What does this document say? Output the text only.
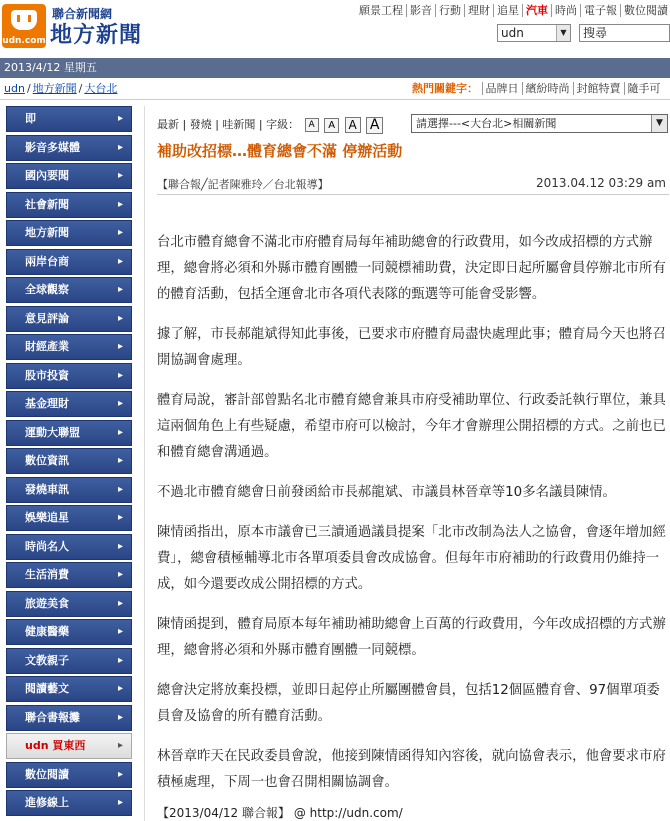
udn.com
聯合新聞網
地方新聞
願景工程 影音 行動 理財 追星 汽車 時尚 電子報 數位閱讀
udn	▼	搜尋
2013/4/12 星期五
udn / 地方新聞 / 大台北	熱門關鍵字： 品牌日 繽紛時尚 封館特賣 隨手可
即	▸
影音多媒體	▸
國內要聞	▸
社會新聞	▸
地方新聞	▸
兩岸台商	▸
全球觀察	▸
意見評論	▸
財經產業	▸
股市投資	▸
基金理財	▸
運動大聯盟	▸
數位資訊	▸
發燒車訊	▸
娛樂追星	▸
時尚名人	▸
生活消費	▸
旅遊美食	▸
健康醫藥	▸
文教親子	▸
閱讀藝文	▸
聯合書報攤	▸
udn 買東西	▸
數位閱讀	▸
進修線上	▸
最新 | 發燒 | 哇新聞 | 字級： A A A A	請選擇---<大台北>相關新聞	▼
補助改招標…體育總會不滿 停辦活動
【聯合報╱記者陳雅玲／台北報導】	2013.04.12 03:29 am

台北市體育總會不滿北市府體育局每年補助總會的行政費用，如今改成招標的方式辦理，總會將必須和外縣市體育團體一同競標補助費，決定即日起所屬會員停辦北市所有的體育活動，包括全運會北市各項代表隊的甄選等可能會受影響。

據了解，市長郝龍斌得知此事後，已要求市府體育局盡快處理此事；體育局今天也將召開協調會處理。

體育局說，審計部曾點名北市體育總會兼具市府受補助單位、行政委託執行單位，兼具這兩個角色上有些疑慮，希望市府可以檢討，今年才會辦理公開招標的方式。之前也已和體育總會溝通過。

不過北市體育總會日前發函給市長郝龍斌、市議員林晉章等10多名議員陳情。

陳情函指出，原本市議會已三讀通過議員提案「北市改制為法人之協會，會逐年增加經費」，總會積極輔導北市各單項委員會改成協會。但每年市府補助的行政費用仍維持一成，如今還要改成公開招標的方式。

陳情函提到，體育局原本每年補助補助總會上百萬的行政費用，今年改成招標的方式辦理，總會將必須和外縣市體育團體一同競標。

總會決定將放棄投標，並即日起停止所屬團體會員，包括12個區體育會、97個單項委員會及協會的所有體育活動。

林晉章昨天在民政委員會說，他接到陳情函得知內容後，就向協會表示，他會要求市府積極處理，下周一也會召開相關協調會。

【2013/04/12 聯合報】 @ http://udn.com/
